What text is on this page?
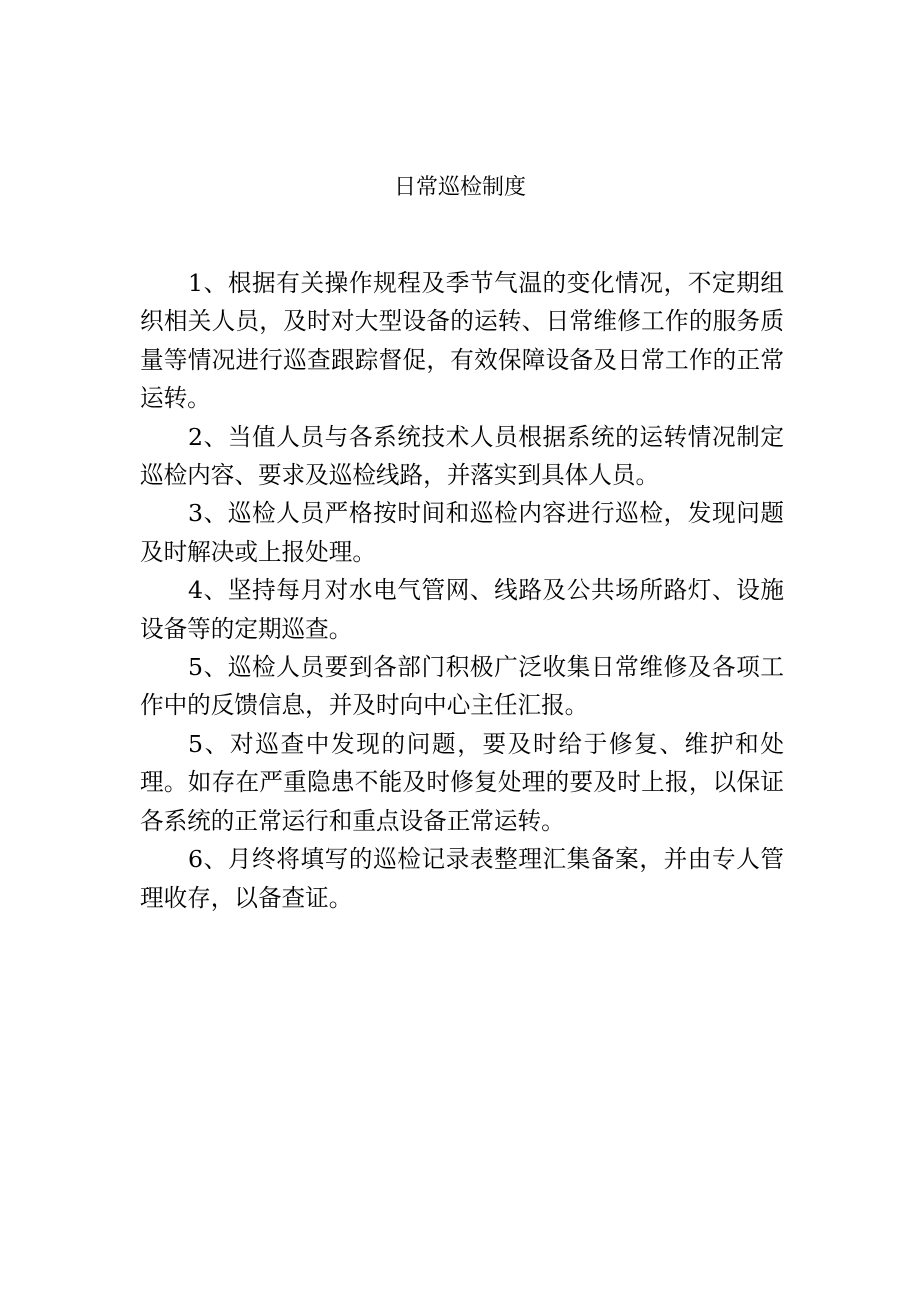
日常巡检制度

1、根据有关操作规程及季节气温的变化情况，不定期组织相关人员，及时对大型设备的运转、日常维修工作的服务质量等情况进行巡查跟踪督促，有效保障设备及日常工作的正常运转。

2、当值人员与各系统技术人员根据系统的运转情况制定巡检内容、要求及巡检线路，并落实到具体人员。

3、巡检人员严格按时间和巡检内容进行巡检，发现问题及时解决或上报处理。

4、坚持每月对水电气管网、线路及公共场所路灯、设施设备等的定期巡查。

5、巡检人员要到各部门积极广泛收集日常维修及各项工作中的反馈信息，并及时向中心主任汇报。

5、对巡查中发现的问题，要及时给于修复、维护和处理。如存在严重隐患不能及时修复处理的要及时上报，以保证各系统的正常运行和重点设备正常运转。

6、月终将填写的巡检记录表整理汇集备案，并由专人管理收存，以备查证。
